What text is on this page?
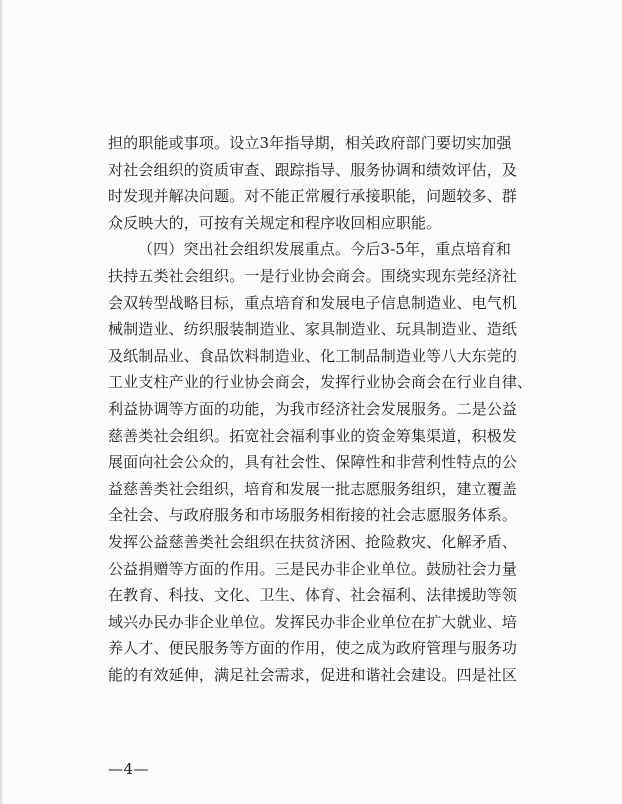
担的职能或事项。设立3年指导期，相关政府部门要切实加强
对社会组织的资质审查、跟踪指导、服务协调和绩效评估，及
时发现并解决问题。对不能正常履行承接职能，问题较多、群
众反映大的，可按有关规定和程序收回相应职能。
（四）突出社会组织发展重点。今后3-5年，重点培育和
扶持五类社会组织。一是行业协会商会。围绕实现东莞经济社
会双转型战略目标，重点培育和发展电子信息制造业、电气机
械制造业、纺织服装制造业、家具制造业、玩具制造业、造纸
及纸制品业、食品饮料制造业、化工制品制造业等八大东莞的
工业支柱产业的行业协会商会，发挥行业协会商会在行业自律、
利益协调等方面的功能，为我市经济社会发展服务。二是公益
慈善类社会组织。拓宽社会福利事业的资金筹集渠道，积极发
展面向社会公众的，具有社会性、保障性和非营利性特点的公
益慈善类社会组织，培育和发展一批志愿服务组织，建立覆盖
全社会、与政府服务和市场服务相衔接的社会志愿服务体系。
发挥公益慈善类社会组织在扶贫济困、抢险救灾、化解矛盾、
公益捐赠等方面的作用。三是民办非企业单位。鼓励社会力量
在教育、科技、文化、卫生、体育、社会福利、法律援助等领
域兴办民办非企业单位。发挥民办非企业单位在扩大就业、培
养人才、便民服务等方面的作用，使之成为政府管理与服务功
能的有效延伸，满足社会需求，促进和谐社会建设。四是社区
—4—
